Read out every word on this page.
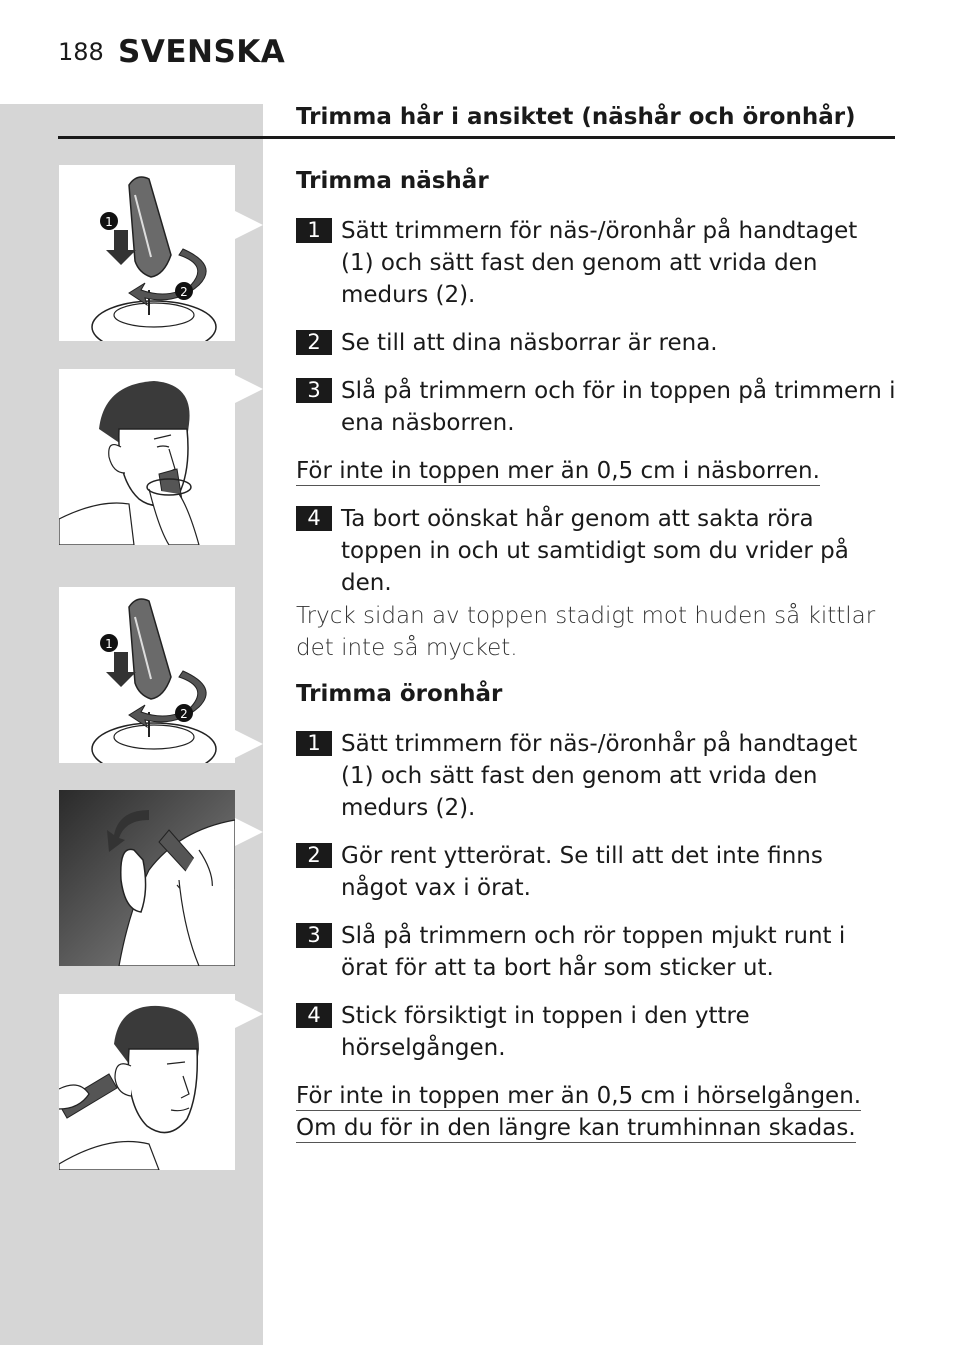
188 SVENSKA
Trimma hår i ansiktet (näshår och öronhår)
1
2
1
2
Trimma näshår
1 Sätt trimmern för näs-/öronhår på handtaget (1) och sätt fast den genom att vrida den medurs (2).
2 Se till att dina näsborrar är rena.
3 Slå på trimmern och för in toppen på trimmern i ena näsborren.
För inte in toppen mer än 0,5 cm i näsborren.
4 Ta bort oönskat hår genom att sakta röra toppen in och ut samtidigt som du vrider på den.
Tryck sidan av toppen stadigt mot huden så kittlar det inte så mycket.
Trimma öronhår
1 Sätt trimmern för näs-/öronhår på handtaget (1) och sätt fast den genom att vrida den medurs (2).
2 Gör rent ytterörat. Se till att det inte finns något vax i örat.
3 Slå på trimmern och rör toppen mjukt runt i örat för att ta bort hår som sticker ut.
4 Stick försiktigt in toppen i den yttre hörselgången.
För inte in toppen mer än 0,5 cm i hörselgången.
Om du för in den längre kan trumhinnan skadas.
